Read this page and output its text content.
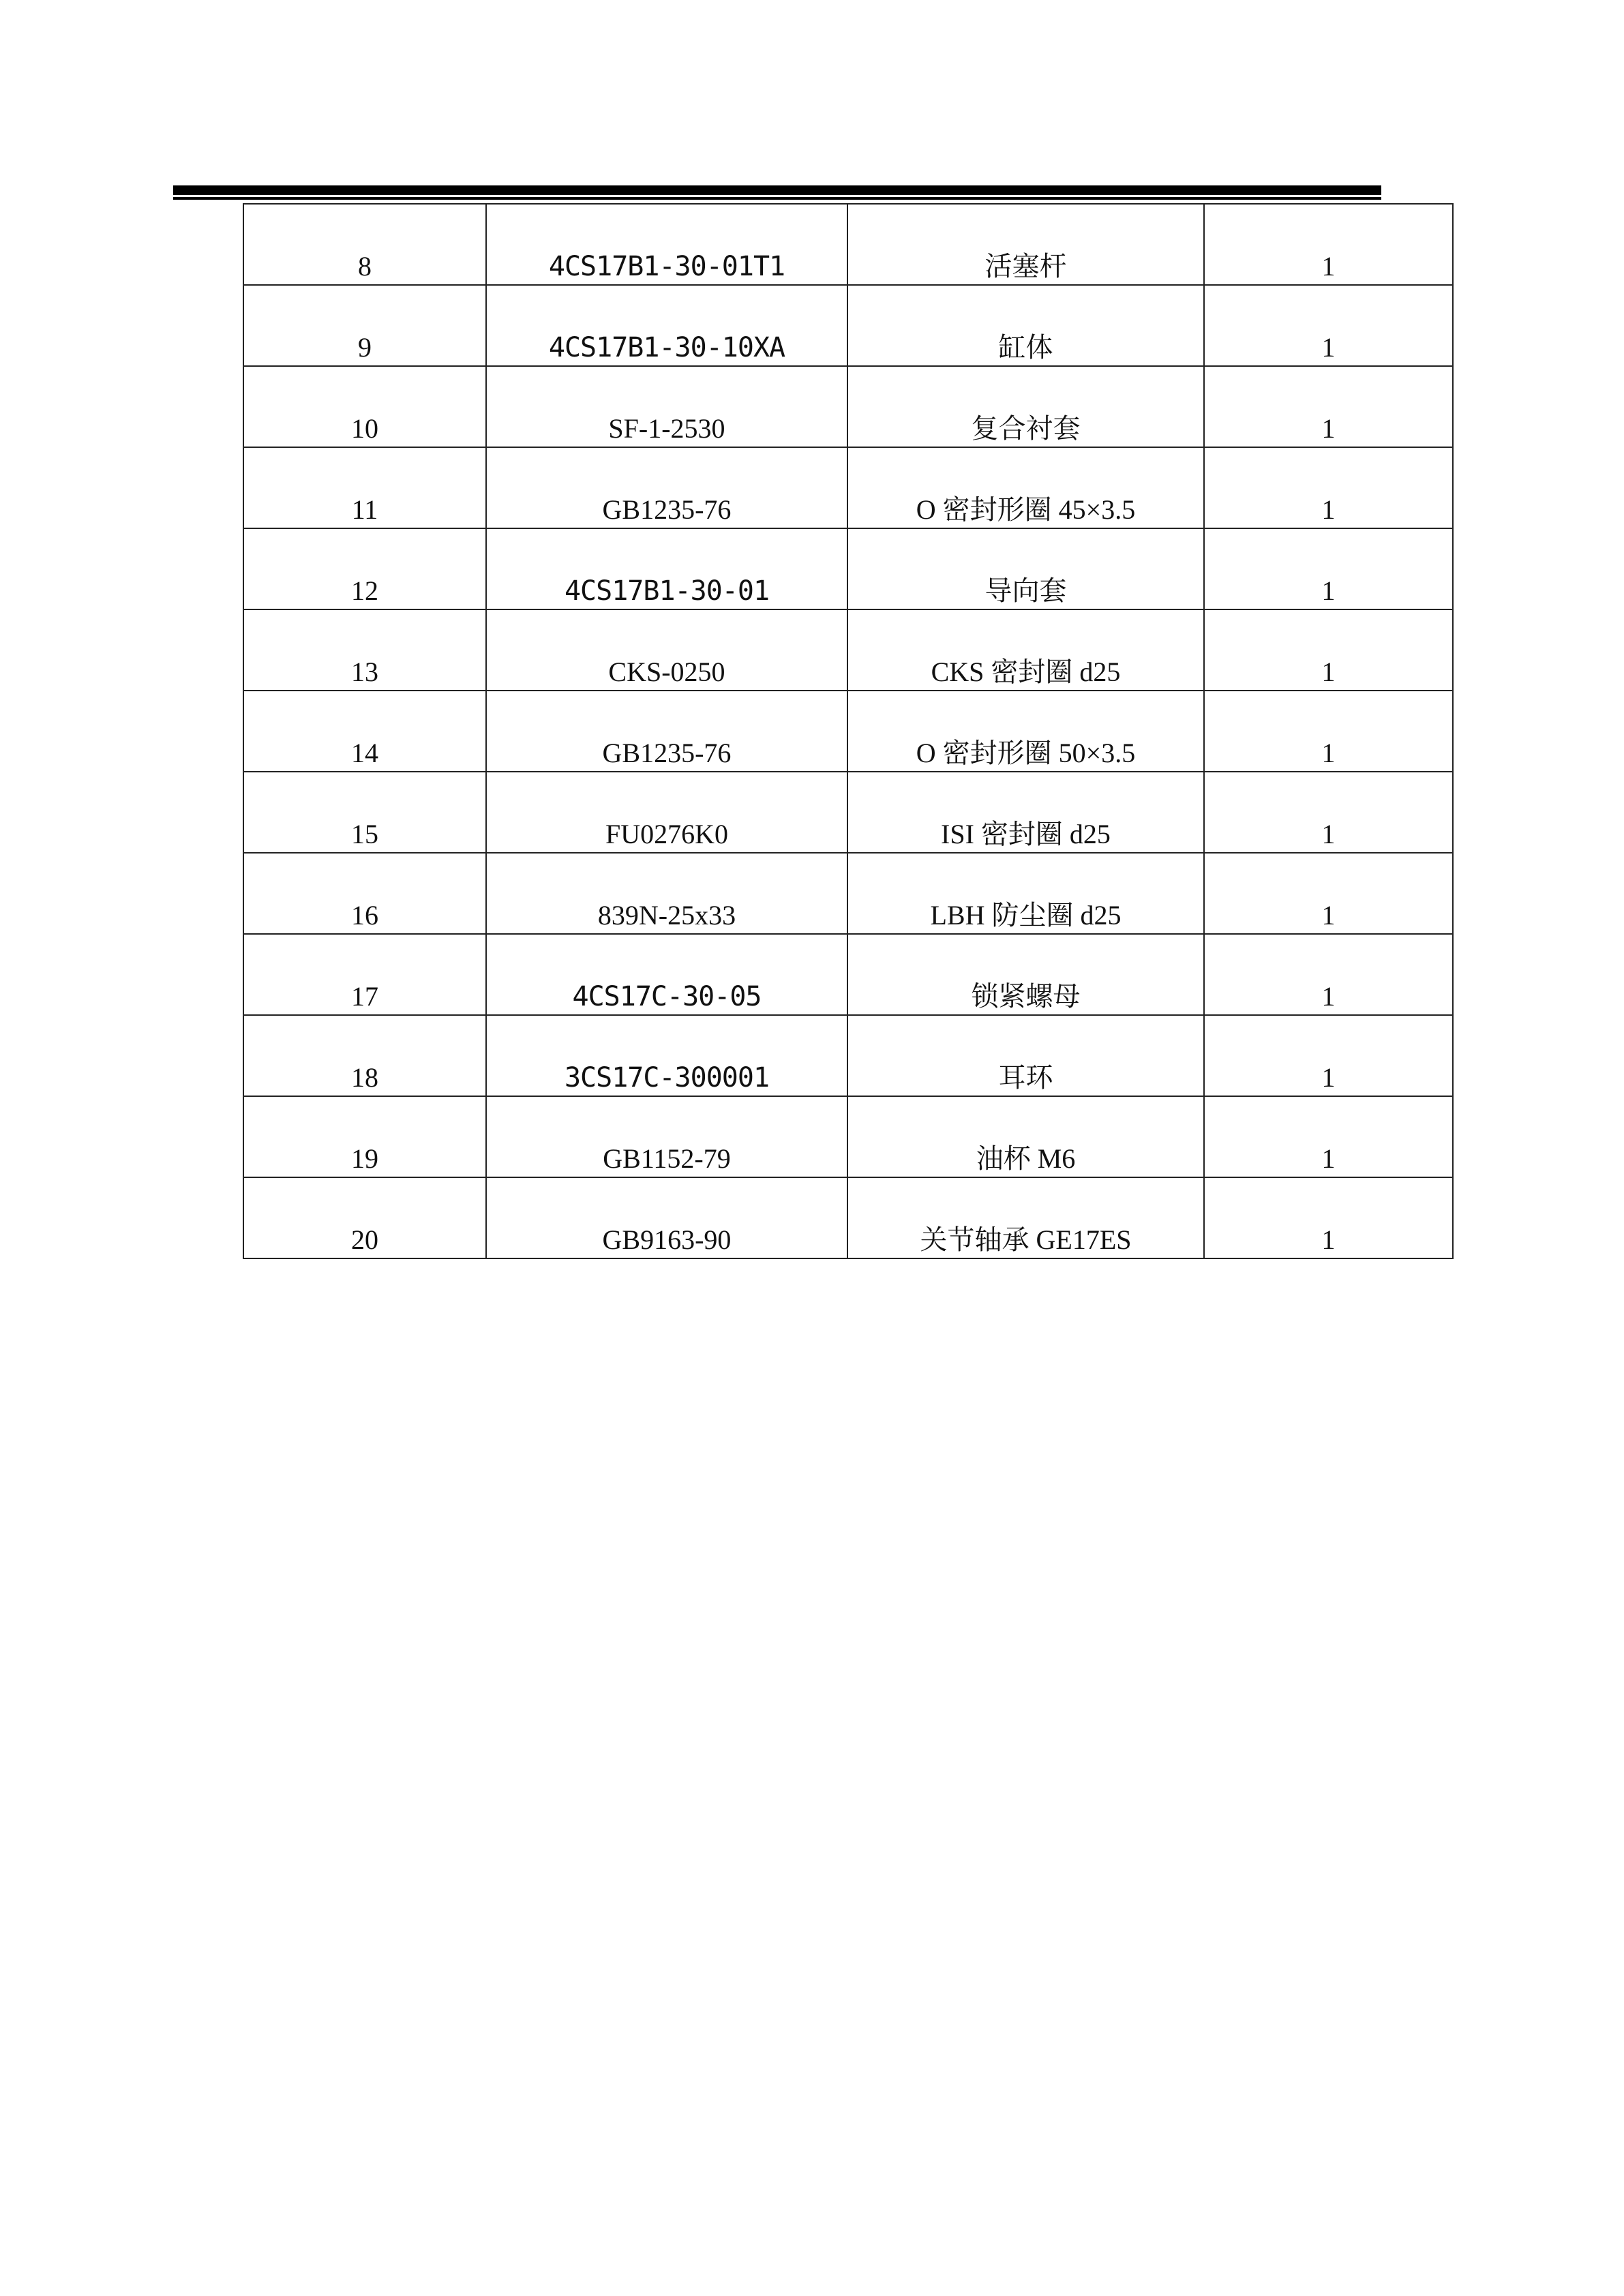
8	4CS17B1-30-01T1	活塞杆	1
9	4CS17B1-30-10XA	缸体	1
10	SF-1-2530	复合衬套	1
11	GB1235-76	O 密封形圈 45×3.5	1
12	4CS17B1-30-01	导向套	1
13	CKS-0250	CKS 密封圈 d25	1
14	GB1235-76	O 密封形圈 50×3.5	1
15	FU0276K0	ISI 密封圈 d25	1
16	839N-25x33	LBH 防尘圈 d25	1
17	4CS17C-30-05	锁紧螺母	1
18	3CS17C-300001	耳环	1
19	GB1152-79	油杯 M6	1
20	GB9163-90	关节轴承 GE17ES	1
